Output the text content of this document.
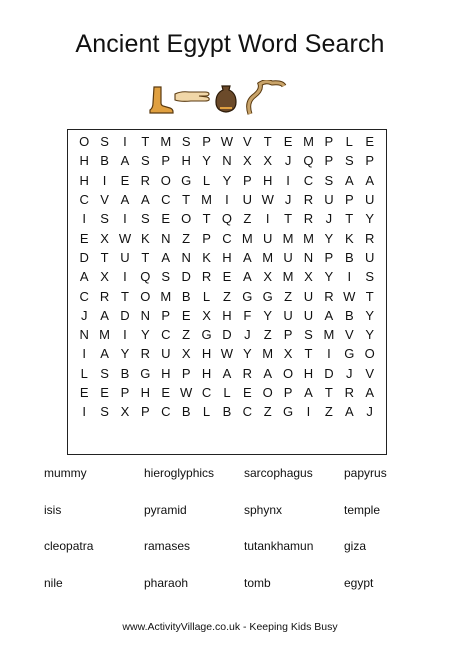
Ancient Egypt Word Search
O S	I	T M S P W V T E M P L E
H B A S P H Y N X X J Q P S P
H	I	E R O G L Y P H	I	C S A A
C V A A C T M	I	U W J R U P U
I	S	I	S E O T Q Z	I	T R J	T Y
E X W K N Z P C M U M M Y K R
D T U T A N K H A M U N P B U
A X	I	Q S D R E A X M X Y	I	S
C R T O M B L Z G G Z U R W T
J A D N P E X H F Y U U A B Y
N M	I	Y C Z G D J	Z P S M V Y
I	A Y R U X H W Y M X T	I	G O
L S B G H P H A R A O H D J V
E E P H E W C L E O P A T R A
I	S X P C B L B C Z G	I	Z A J
mummy	hieroglyphics	sarcophagus	papyrus
isis	pyramid	sphynx	temple
cleopatra	ramases	tutankhamun	giza
nile	pharaoh	tomb	egypt
www.ActivityVillage.co.uk - Keeping Kids Busy
